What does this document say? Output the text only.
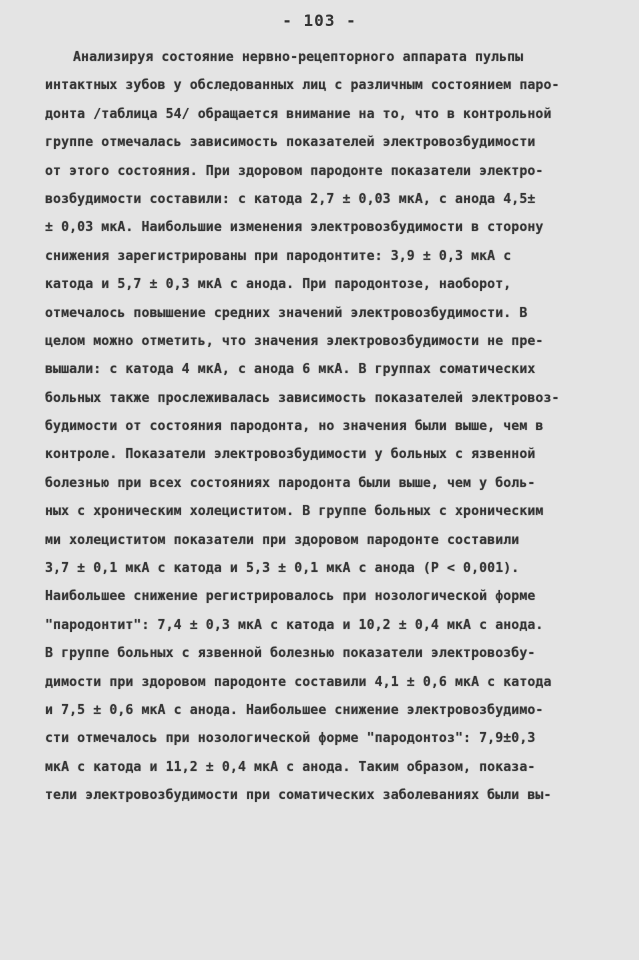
- 103 -
Анализируя состояние нервно-рецепторного аппарата пульпы
интактных зубов у обследованных лиц с различным состоянием паро-
донта /таблица 54/ обращается внимание на то, что в контрольной
группе отмечалась зависимость показателей электровозбудимости
от этого состояния. При здоровом пародонте показатели электро-
возбудимости составили: с катода 2,7 ± 0,03 мкА, с анода 4,5±
± 0,03 мкА. Наибольшие изменения электровозбудимости в сторону
снижения зарегистрированы при пародонтите: 3,9 ± 0,3 мкА с
катода и 5,7 ± 0,3 мкА с анода. При пародонтозе, наоборот,
отмечалось повышение средних значений электровозбудимости. В
целом можно отметить, что значения электровозбудимости не пре-
вышали: с катода 4 мкА, с анода 6 мкА. В группах соматических
больных также прослеживалась зависимость показателей электровоз-
будимости от состояния пародонта, но значения были выше, чем в
контроле. Показатели электровозбудимости у больных с язвенной
болезнью при всех состояниях пародонта были выше, чем у боль-
ных с хроническим холециститом. В группе больных с хроническим
ми холециститом показатели при здоровом пародонте составили
3,7 ± 0,1 мкА с катода и 5,3 ± 0,1 мкА с анода (Р < 0,001).
Наибольшее снижение регистрировалось при нозологической форме
"пародонтит": 7,4 ± 0,3 мкА с катода и 10,2 ± 0,4 мкА с анода.
В группе больных с язвенной болезнью показатели электровозбу-
димости при здоровом пародонте составили 4,1 ± 0,6 мкА с катода
и 7,5 ± 0,6 мкА с анода. Наибольшее снижение электровозбудимо-
сти отмечалось при нозологической форме "пародонтоз": 7,9±0,3
мкА с катода и 11,2 ± 0,4 мкА с анода. Таким образом, показа-
тели электровозбудимости при соматических заболеваниях были вы-
